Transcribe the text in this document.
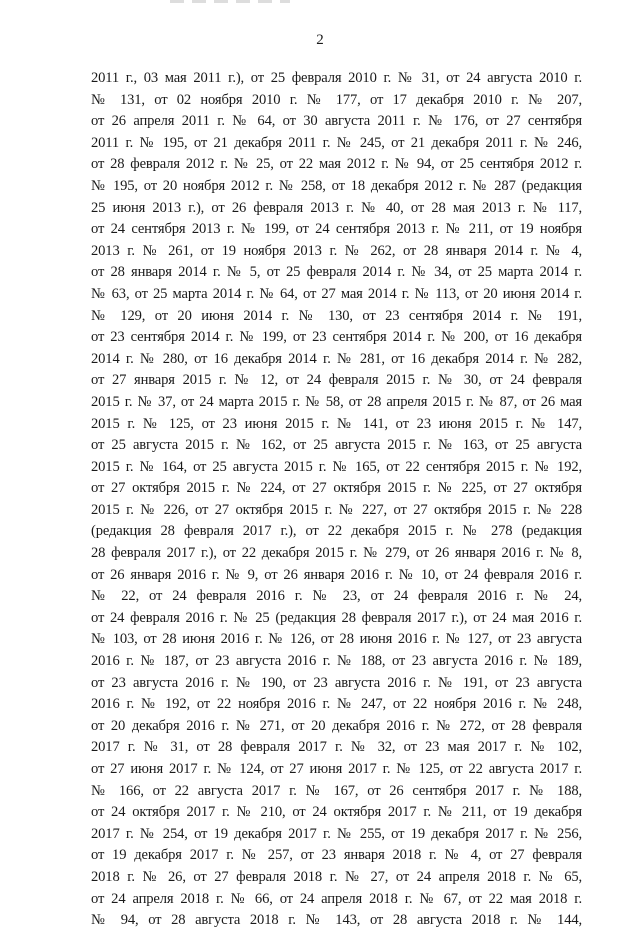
2
2011 г., 03 мая 2011 г.), от 25 февраля 2010 г. № 31, от 24 августа 2010 г.
№ 131, от 02 ноября 2010 г. № 177, от 17 декабря 2010 г. № 207,
от 26 апреля 2011 г. № 64, от 30 августа 2011 г. № 176, от 27 сентября
2011 г. № 195, от 21 декабря 2011 г. № 245, от 21 декабря 2011 г. № 246,
от 28 февраля 2012 г. № 25, от 22 мая 2012 г. № 94, от 25 сентября 2012 г.
№ 195, от 20 ноября 2012 г. № 258, от 18 декабря 2012 г. № 287 (редакция
25 июня 2013 г.), от 26 февраля 2013 г. № 40, от 28 мая 2013 г. № 117,
от 24 сентября 2013 г. № 199, от 24 сентября 2013 г. № 211, от 19 ноября
2013 г. № 261, от 19 ноября 2013 г. № 262, от 28 января 2014 г. № 4,
от 28 января 2014 г. № 5, от 25 февраля 2014 г. № 34, от 25 марта 2014 г.
№ 63, от 25 марта 2014 г. № 64, от 27 мая 2014 г. № 113, от 20 июня 2014 г.
№ 129, от 20 июня 2014 г. № 130, от 23 сентября 2014 г. № 191,
от 23 сентября 2014 г. № 199, от 23 сентября 2014 г. № 200, от 16 декабря
2014 г. № 280, от 16 декабря 2014 г. № 281, от 16 декабря 2014 г. № 282,
от 27 января 2015 г. № 12, от 24 февраля 2015 г. № 30, от 24 февраля
2015 г. № 37, от 24 марта 2015 г. № 58, от 28 апреля 2015 г. № 87, от 26 мая
2015 г. № 125, от 23 июня 2015 г. № 141, от 23 июня 2015 г. № 147,
от 25 августа 2015 г. № 162, от 25 августа 2015 г. № 163, от 25 августа
2015 г. № 164, от 25 августа 2015 г. № 165, от 22 сентября 2015 г. № 192,
от 27 октября 2015 г. № 224, от 27 октября 2015 г. № 225, от 27 октября
2015 г. № 226, от 27 октября 2015 г. № 227, от 27 октября 2015 г. № 228
(редакция 28 февраля 2017 г.), от 22 декабря 2015 г. № 278 (редакция
28 февраля 2017 г.), от 22 декабря 2015 г. № 279, от 26 января 2016 г. № 8,
от 26 января 2016 г. № 9, от 26 января 2016 г. № 10, от 24 февраля 2016 г.
№ 22, от 24 февраля 2016 г. № 23, от 24 февраля 2016 г. № 24,
от 24 февраля 2016 г. № 25 (редакция 28 февраля 2017 г.), от 24 мая 2016 г.
№ 103, от 28 июня 2016 г. № 126, от 28 июня 2016 г. № 127, от 23 августа
2016 г. № 187, от 23 августа 2016 г. № 188, от 23 августа 2016 г. № 189,
от 23 августа 2016 г. № 190, от 23 августа 2016 г. № 191, от 23 августа
2016 г. № 192, от 22 ноября 2016 г. № 247, от 22 ноября 2016 г. № 248,
от 20 декабря 2016 г. № 271, от 20 декабря 2016 г. № 272, от 28 февраля
2017 г. № 31, от 28 февраля 2017 г. № 32, от 23 мая 2017 г. № 102,
от 27 июня 2017 г. № 124, от 27 июня 2017 г. № 125, от 22 августа 2017 г.
№ 166, от 22 августа 2017 г. № 167, от 26 сентября 2017 г. № 188,
от 24 октября 2017 г. № 210, от 24 октября 2017 г. № 211, от 19 декабря
2017 г. № 254, от 19 декабря 2017 г. № 255, от 19 декабря 2017 г. № 256,
от 19 декабря 2017 г. № 257, от 23 января 2018 г. № 4, от 27 февраля
2018 г. № 26, от 27 февраля 2018 г. № 27, от 24 апреля 2018 г. № 65,
от 24 апреля 2018 г. № 66, от 24 апреля 2018 г. № 67, от 22 мая 2018 г.
№ 94, от 28 августа 2018 г. № 143, от 28 августа 2018 г. № 144,
